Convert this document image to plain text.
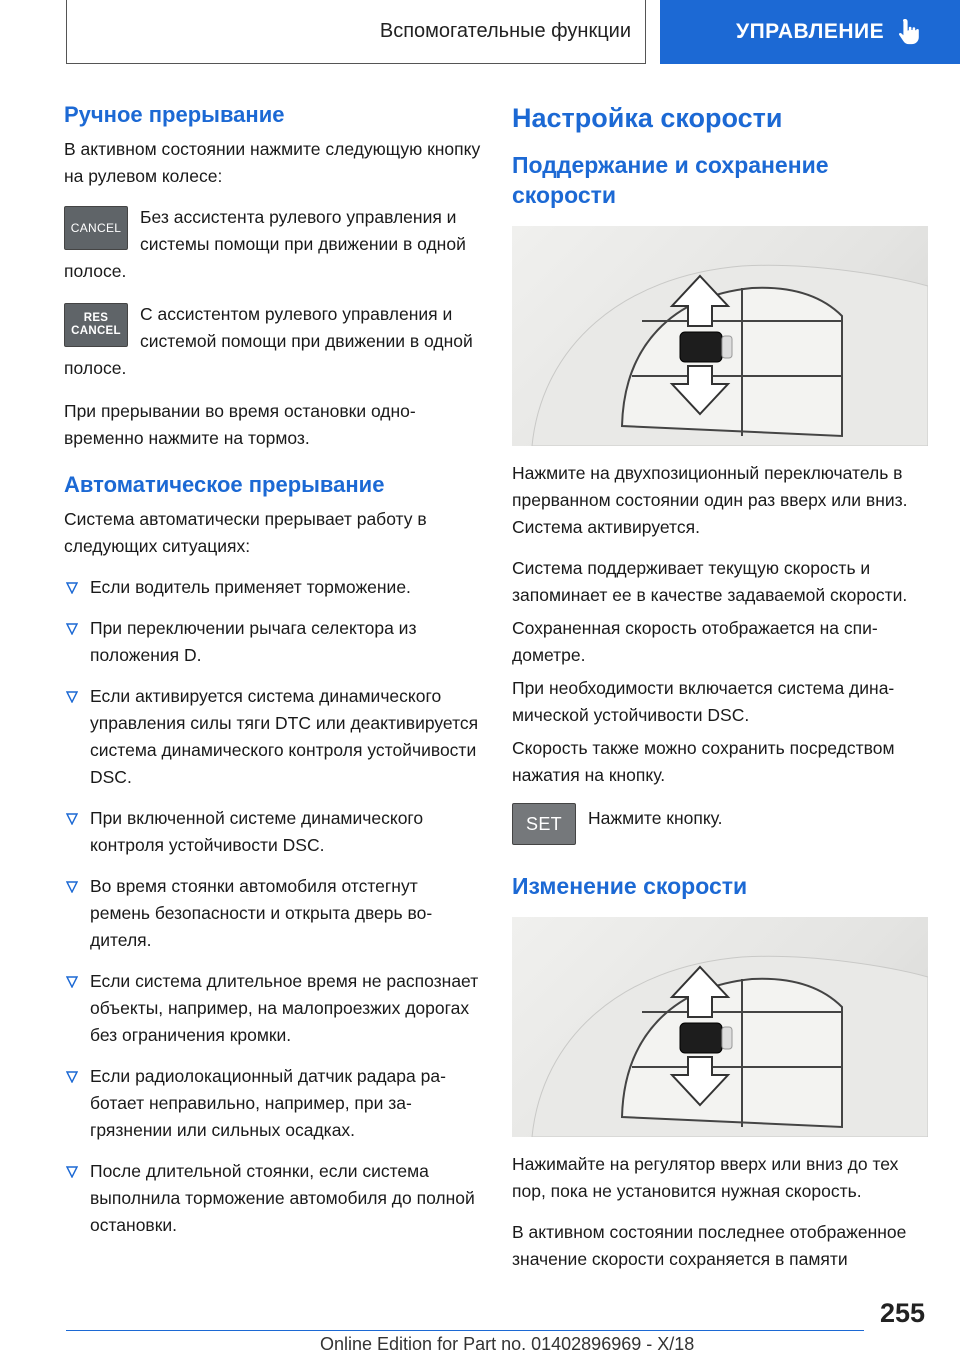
Вспомогательные функции	УПРАВЛЕНИЕ
Ручное прерывание
В активном состоянии нажмите следующую кнопку на рулевом колесе:
CANCEL
Без ассистента рулевого управления и системы помощи при движении в одной полосе.
RES
CANCEL
С ассистентом рулевого управления и системой помощи при движении в одной полосе.
При прерывании во время остановки одновременно нажмите на тормоз.
Автоматическое прерывание
Система автоматически прерывает работу в следующих ситуациях:
Если водитель применяет торможение.
При переключении рычага селектора из положения D.
Если активируется система динамического управления силы тяги DTC или деактивируется система динамического контроля устойчивости DSC.
При включенной системе динамического контроля устойчивости DSC.
Во время стоянки автомобиля отстегнут ремень безопасности и открыта дверь водителя.
Если система длительное время не распознает объекты, например, на малопроезжих дорогах без ограничения кромки.
Если радиолокационный датчик радара работает неправильно, например, при загрязнении или сильных осадках.
После длительной стоянки, если система выполнила торможение автомобиля до полной остановки.
Настройка скорости
Поддержание и сохранение скорости
Нажмите на двухпозиционный переключатель в прерванном состоянии один раз вверх или вниз. Система активируется.
Система поддерживает текущую скорость и запоминает ее в качестве задаваемой скорости.
Сохраненная скорость отображается на спидометре.
При необходимости включается система динамической устойчивости DSC.
Скорость также можно сохранить посредством нажатия на кнопку.
SET Нажмите кнопку.
Изменение скорости
Нажимайте на регулятор вверх или вниз до тех пор, пока не установится нужная скорость.
В активном состоянии последнее отображенное значение скорости сохраняется в памяти
255
Online Edition for Part no. 01402896969 - X/18
